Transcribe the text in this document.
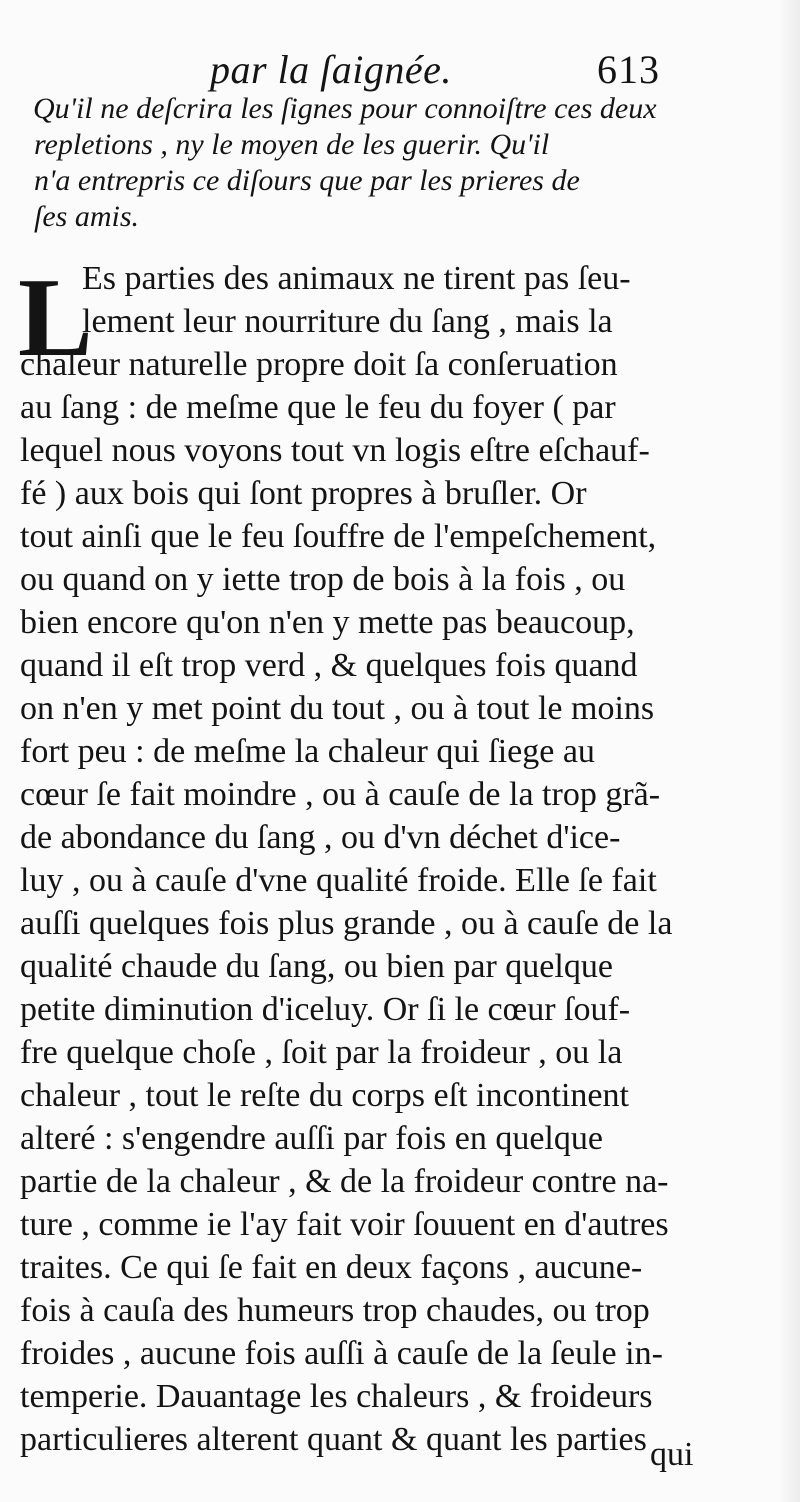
par la ſaignée.	613
Qu'il ne deſcrira les ſignes pour connoiſtre ces deux
repletions , ny le moyen de les guerir. Qu'il
n'a entrepris ce diſours que par les prieres de
ſes amis.
L
Es parties des animaux ne tirent pas ſeu-
lement leur nourriture du ſang , mais la
chaleur naturelle propre doit ſa conſeruation
au ſang : de meſme que le feu du foyer ( par
lequel nous voyons tout vn logis eſtre eſchauf-
fé ) aux bois qui ſont propres à bruſler. Or
tout ainſi que le feu ſouffre de l'empeſchement,
ou quand on y iette trop de bois à la fois , ou
bien encore qu'on n'en y mette pas beaucoup,
quand il eſt trop verd , & quelques fois quand
on n'en y met point du tout , ou à tout le moins
fort peu : de meſme la chaleur qui ſiege au
cœur ſe fait moindre , ou à cauſe de la trop grã-
de abondance du ſang , ou d'vn déchet d'ice-
luy , ou à cauſe d'vne qualité froide. Elle ſe fait
auſſi quelques fois plus grande , ou à cauſe de la
qualité chaude du ſang, ou bien par quelque
petite diminution d'iceluy. Or ſi le cœur ſouf-
fre quelque choſe , ſoit par la froideur , ou la
chaleur , tout le reſte du corps eſt incontinent
alteré : s'engendre auſſi par fois en quelque
partie de la chaleur , & de la froideur contre na-
ture , comme ie l'ay fait voir ſouuent en d'autres
traites. Ce qui ſe fait en deux façons , aucune-
fois à cauſa des humeurs trop chaudes, ou trop
froides , aucune fois auſſi à cauſe de la ſeule in-
temperie. Dauantage les chaleurs , & froideurs
particulieres alterent quant & quant les parties qui
